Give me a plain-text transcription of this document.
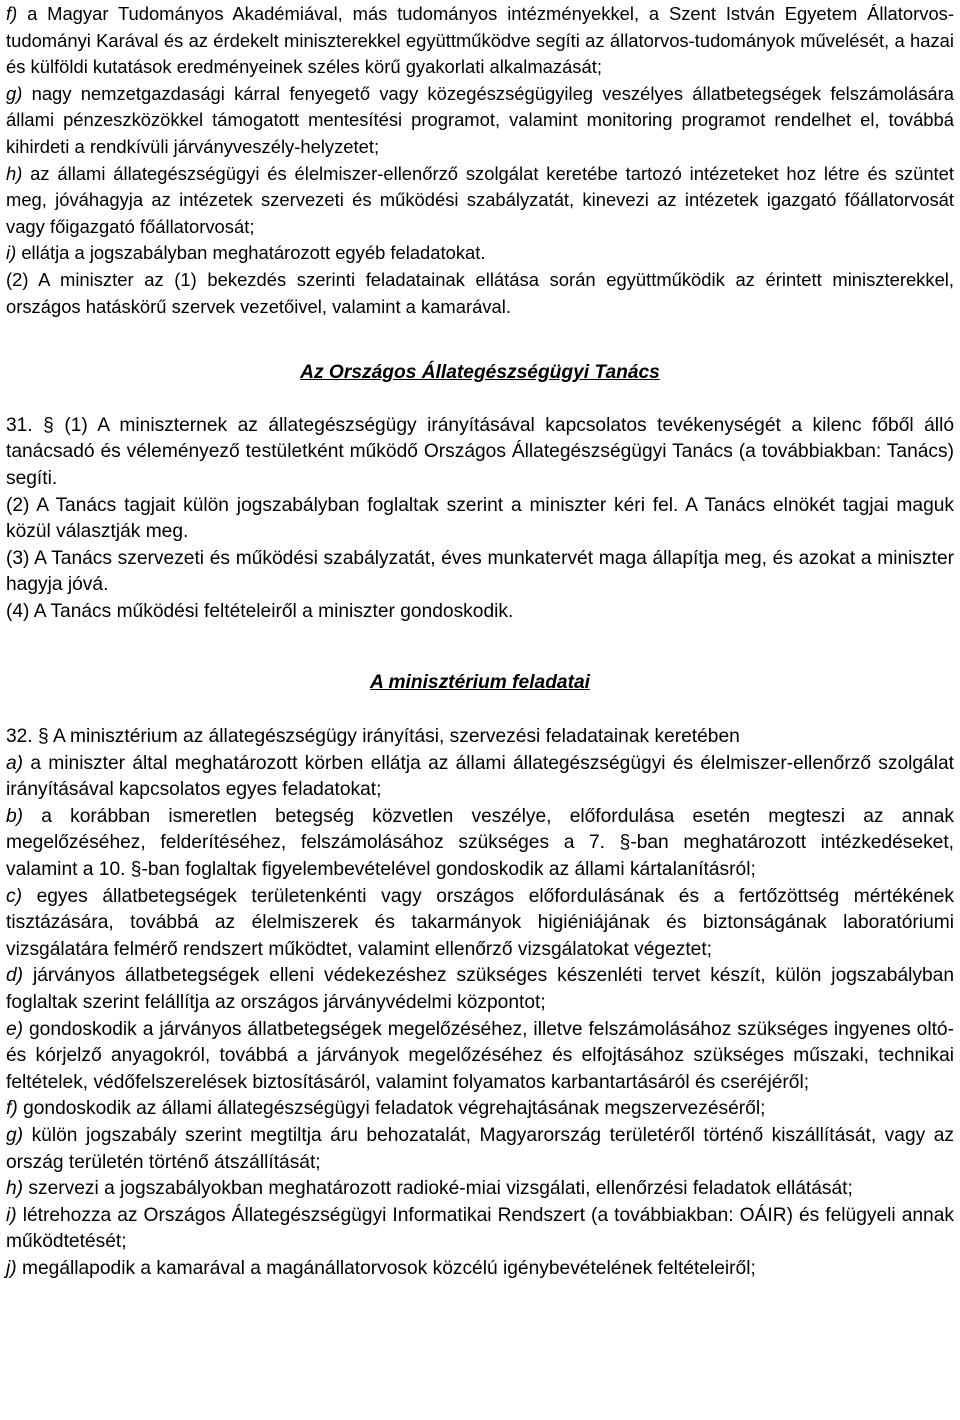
f) a Magyar Tudományos Akadémiával, más tudományos intézményekkel, a Szent István Egyetem Állatorvos-tudományi Karával és az érdekelt miniszterekkel együttműködve segíti az állatorvos-tudományok művelését, a hazai és külföldi kutatások eredményeinek széles körű gyakorlati alkalmazását;

g) nagy nemzetgazdasági kárral fenyegető vagy közegészségügyileg veszélyes állatbetegségek felszámolására állami pénzeszközökkel támogatott mentesítési programot, valamint monitoring programot rendelhet el, továbbá kihirdeti a rendkívüli járványveszély-helyzetet;

h) az állami állategészségügyi és élelmiszer-ellenőrző szolgálat keretébe tartozó intézeteket hoz létre és szüntet meg, jóváhagyja az intézetek szervezeti és működési szabályzatát, kinevezi az intézetek igazgató főállatorvosát vagy főigazgató főállatorvosát;

i) ellátja a jogszabályban meghatározott egyéb feladatokat.

(2) A miniszter az (1) bekezdés szerinti feladatainak ellátása során együttműködik az érintett miniszterekkel, országos hatáskörű szervek vezetőivel, valamint a kamarával.

Az Országos Állategészségügyi Tanács

31. § (1) A miniszternek az állategészségügy irányításával kapcsolatos tevékenységét a kilenc főből álló tanácsadó és véleményező testületként működő Országos Állategészségügyi Tanács (a továbbiakban: Tanács) segíti.

(2) A Tanács tagjait külön jogszabályban foglaltak szerint a miniszter kéri fel. A Tanács elnökét tagjai maguk közül választják meg.

(3) A Tanács szervezeti és működési szabályzatát, éves munkatervét maga állapítja meg, és azokat a miniszter hagyja jóvá.

(4) A Tanács működési feltételeiről a miniszter gondoskodik.

A minisztérium feladatai

32. § A minisztérium az állategészségügy irányítási, szervezési feladatainak keretében

a) a miniszter által meghatározott körben ellátja az állami állategészségügyi és élelmiszer-ellenőrző szolgálat irányításával kapcsolatos egyes feladatokat;

b) a korábban ismeretlen betegség közvetlen veszélye, előfordulása esetén megteszi az annak megelőzéséhez, felderítéséhez, felszámolásához szükséges a 7. §-ban meghatározott intézkedéseket, valamint a 10. §-ban foglaltak figyelembevételével gondoskodik az állami kártalanításról;

c) egyes állatbetegségek területenkénti vagy országos előfordulásának és a fertőzöttség mértékének tisztázására, továbbá az élelmiszerek és takarmányok higiéniájának és biztonságának laboratóriumi vizsgálatára felmérő rendszert működtet, valamint ellenőrző vizsgálatokat végeztet;

d) járványos állatbetegségek elleni védekezéshez szükséges készenléti tervet készít, külön jogszabályban foglaltak szerint felállítja az országos járványvédelmi központot;

e) gondoskodik a járványos állatbetegségek megelőzéséhez, illetve felszámolásához szükséges ingyenes oltó- és kórjelző anyagokról, továbbá a járványok megelőzéséhez és elfojtásához szükséges műszaki, technikai feltételek, védőfelszerelések biztosításáról, valamint folyamatos karbantartásáról és cseréjéről;

f) gondoskodik az állami állategészségügyi feladatok végrehajtásának megszervezéséről;

g) külön jogszabály szerint megtiltja áru behozatalát, Magyarország területéről történő kiszállítását, vagy az ország területén történő átszállítását;

h) szervezi a jogszabályokban meghatározott radioké-miai vizsgálati, ellenőrzési feladatok ellátását;

i) létrehozza az Országos Állategészségügyi Informatikai Rendszert (a továbbiakban: OÁIR) és felügyeli annak működtetését;

j) megállapodik a kamarával a magánállatorvosok közcélú igénybevételének feltételeiről;
